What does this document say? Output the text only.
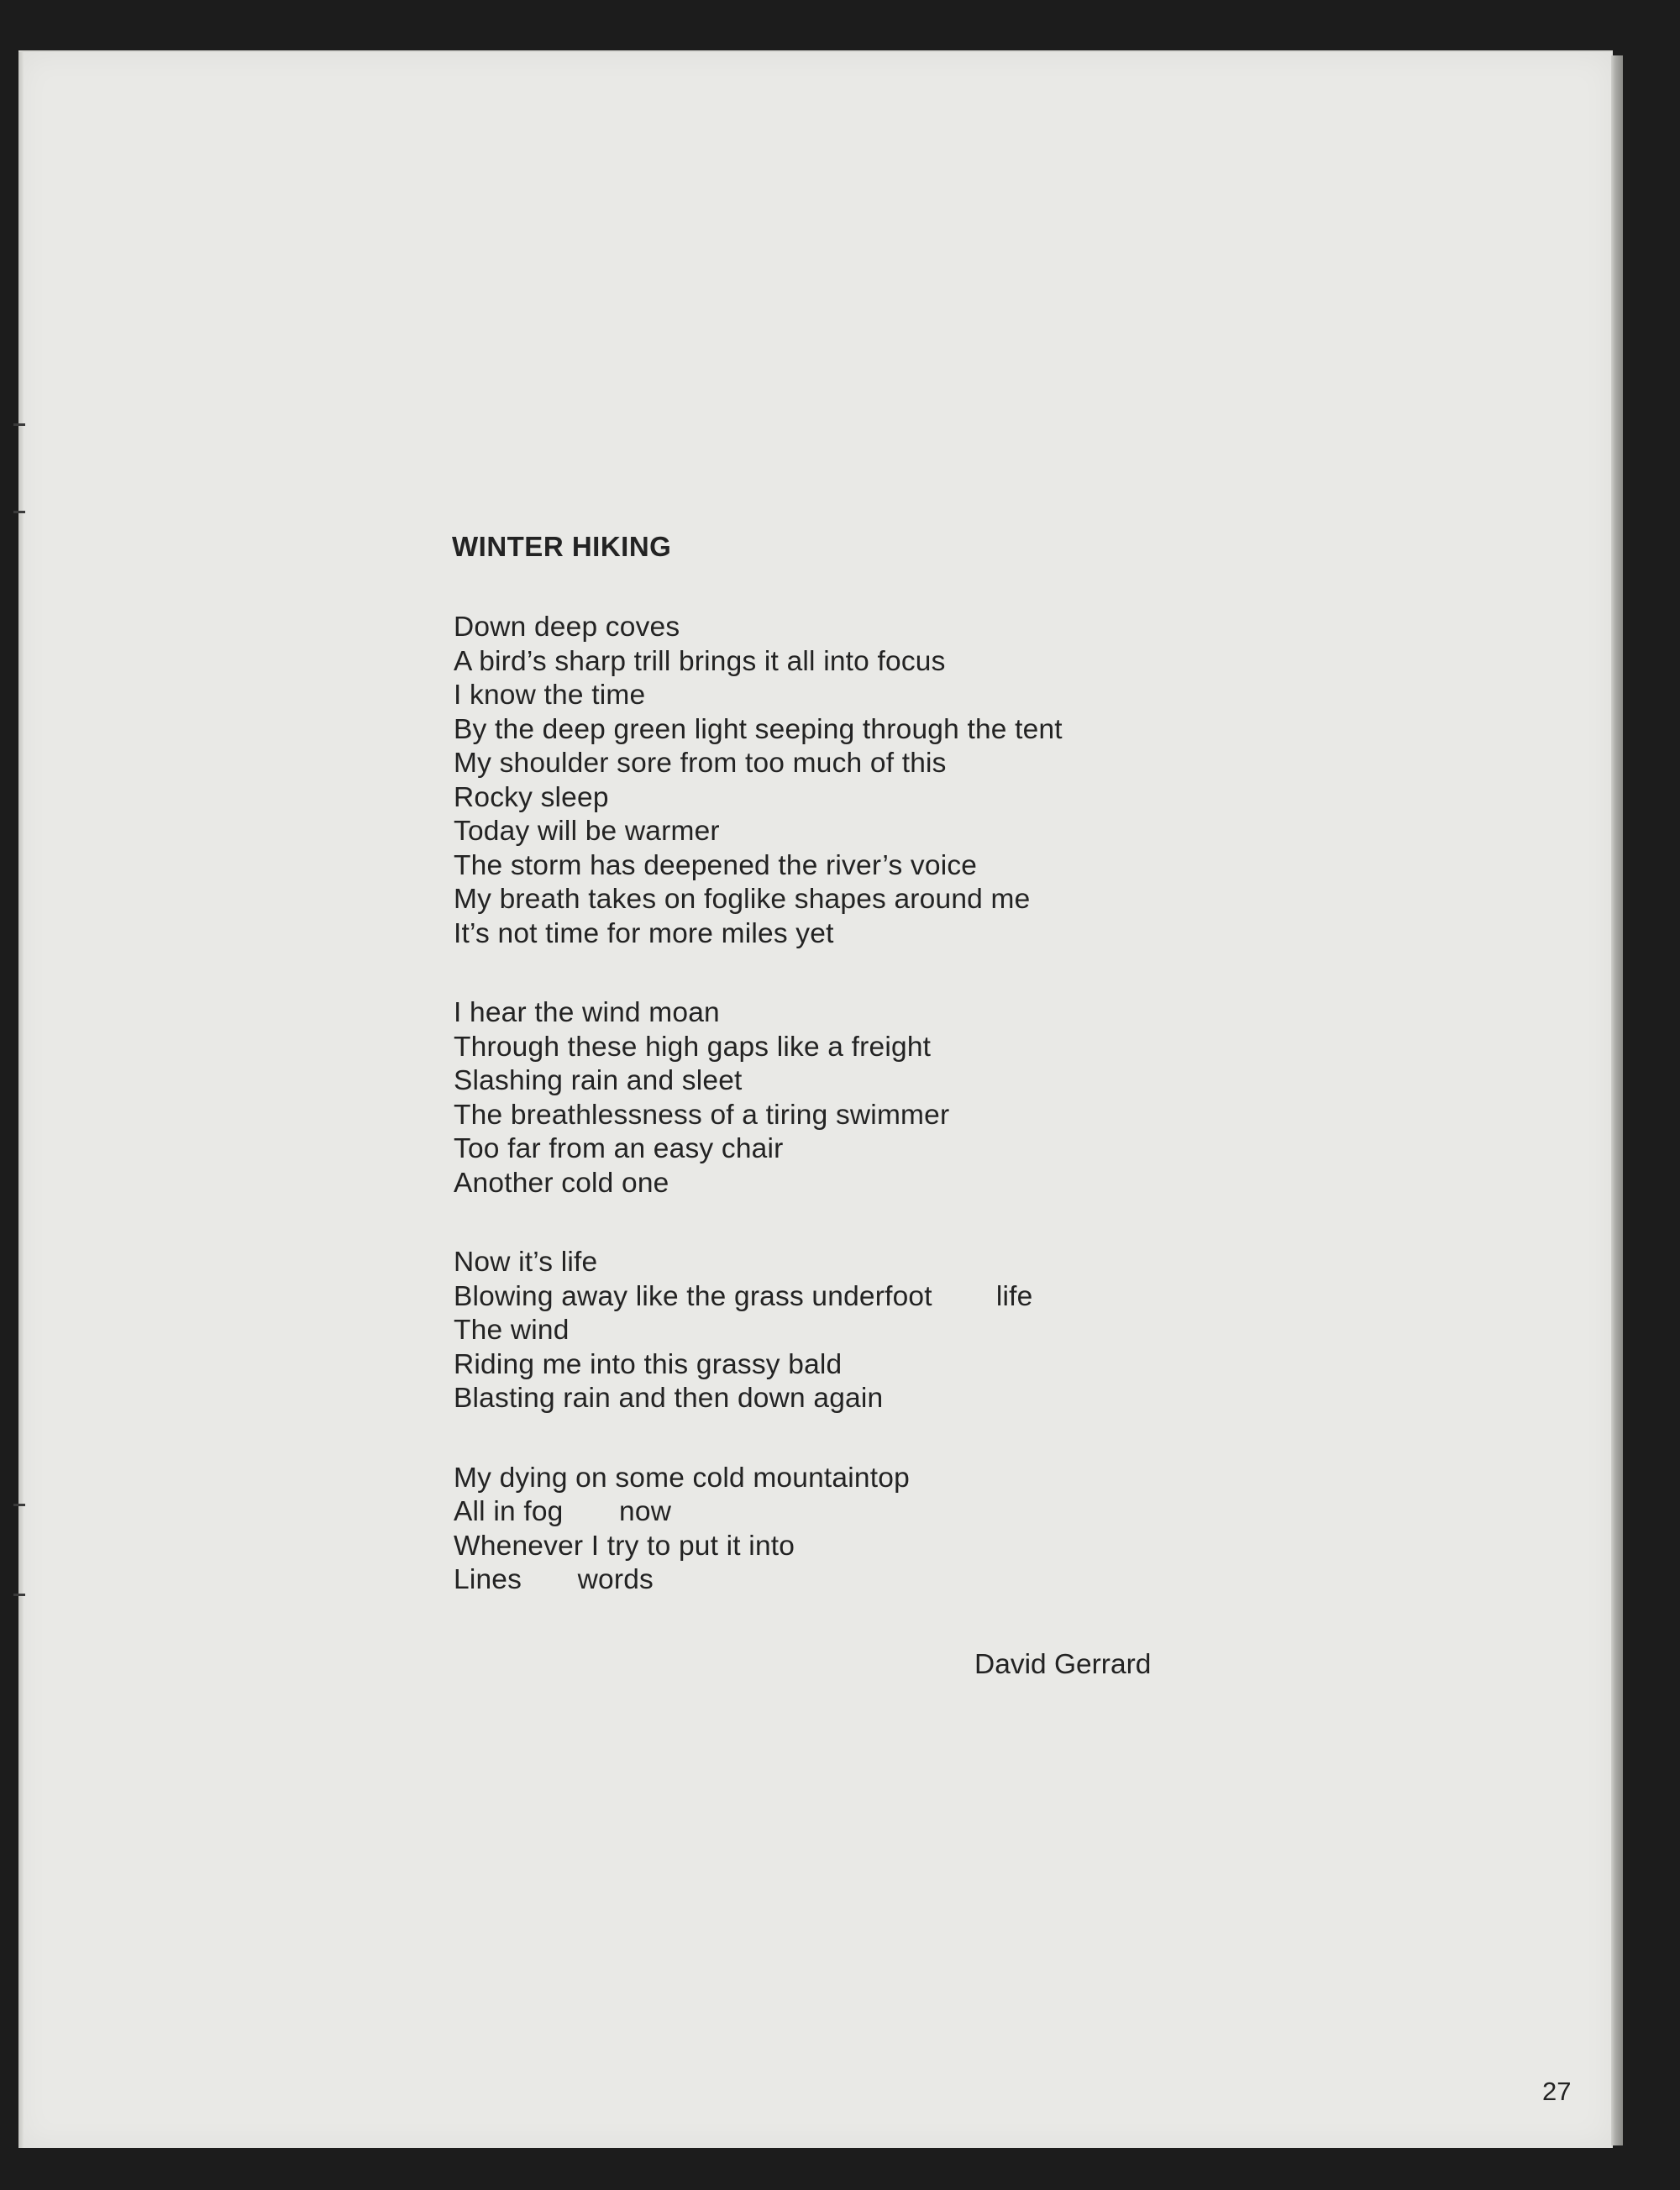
WINTER HIKING
Down deep coves
A bird’s sharp trill brings it all into focus
I know the time
By the deep green light seeping through the tent
My shoulder sore from too much of this
Rocky sleep
Today will be warmer
The storm has deepened the river’s voice
My breath takes on foglike shapes around me
It’s not time for more miles yet
I hear the wind moan
Through these high gaps like a freight
Slashing rain and sleet
The breathlessness of a tiring swimmer
Too far from an easy chair
Another cold one
Now it’s life
Blowing away like the grass underfoot        life
The wind
Riding me into this grassy bald
Blasting rain and then down again
My dying on some cold mountaintop
All in fog       now
Whenever I try to put it into
Lines       words
David Gerrard
27
